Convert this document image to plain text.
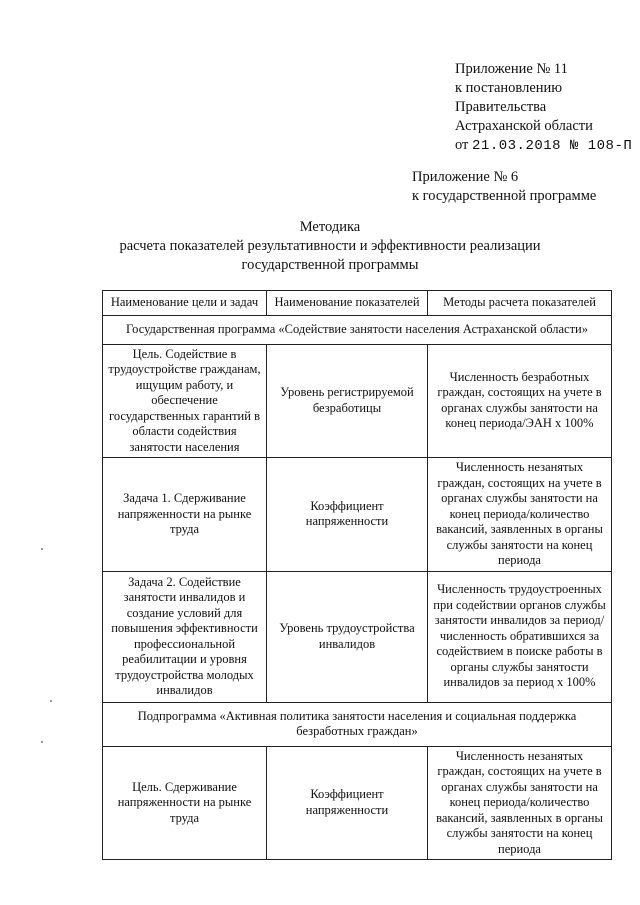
Приложение № 11
к постановлению
Правительства
Астраханской области
от 21.03.2018 № 108-П
Приложение № 6
к государственной программе
Методика
расчета показателей результативности и эффективности реализации государственной программы
Наименование цели и задач	Наименование показателей	Методы расчета показателей
Государственная программа «Содействие занятости населения Астраханской области»		
Цель. Содействие в трудоустройстве гражданам, ищущим работу, и обеспечение государственных гарантий в области содействия занятости населения	Уровень регистрируемой безработицы	Численность безработных граждан, состоящих на учете в органах службы занятости на конец периода/ЭАН х 100%
Задача 1. Сдерживание напряженности на рынке труда	Коэффициент напряженности	Численность незанятых граждан, состоящих на учете в органах службы занятости на конец периода/количество вакансий, заявленных в органы службы занятости на конец периода
Задача 2. Содействие занятости инвалидов и создание условий для повышения эффективности профессиональной реабилитации и уровня трудоустройства молодых инвалидов	Уровень трудоустройства инвалидов	Численность трудоустроенных при содействии органов службы занятости инвалидов за период/численность обратившихся за содействием в поиске работы в органы службы занятости инвалидов за период х 100%
Подпрограмма «Активная политика занятости населения и социальная поддержка безработных граждан»		
Цель. Сдерживание напряженности на рынке труда	Коэффициент напряженности	Численность незанятых граждан, состоящих на учете в органах службы занятости на конец периода/количество вакансий, заявленных в органы службы занятости на конец периода
